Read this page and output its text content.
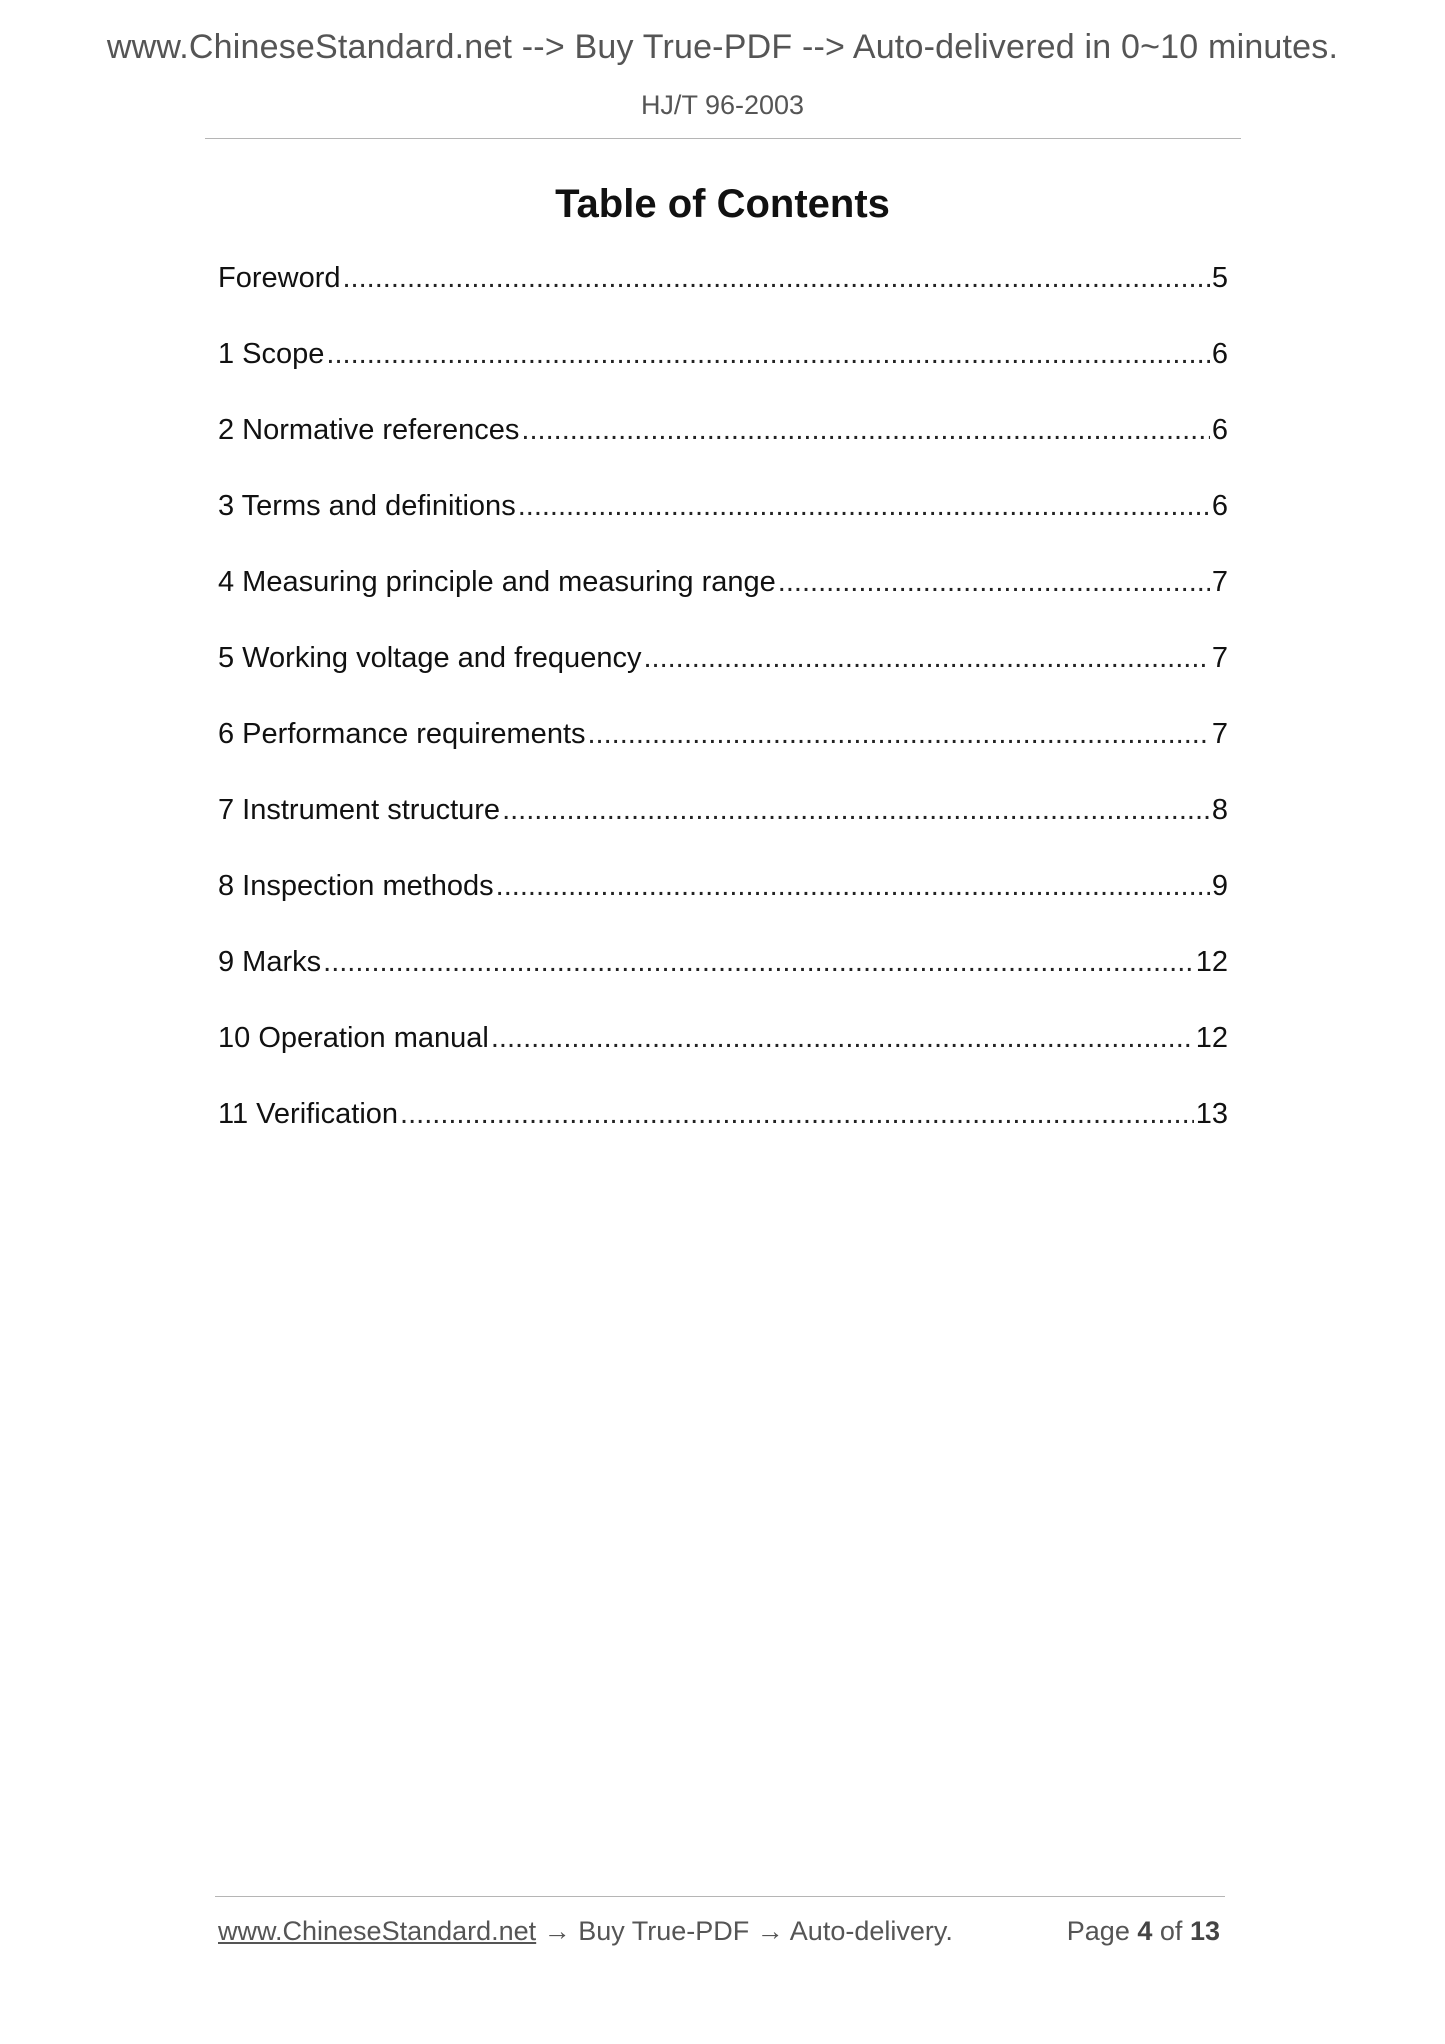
www.ChineseStandard.net --> Buy True-PDF --> Auto-delivered in 0~10 minutes.
HJ/T 96-2003
Table of Contents
Foreword .....	5
1 Scope .....	6
2 Normative references .....	6
3 Terms and definitions .....	6
4 Measuring principle and measuring range .....	7
5 Working voltage and frequency .....	7
6 Performance requirements .....	7
7 Instrument structure .....	8
8 Inspection methods .....	9
9 Marks .....	12
10 Operation manual .....	12
11 Verification .....	13
www.ChineseStandard.net → Buy True-PDF → Auto-delivery.	Page 4 of 13
